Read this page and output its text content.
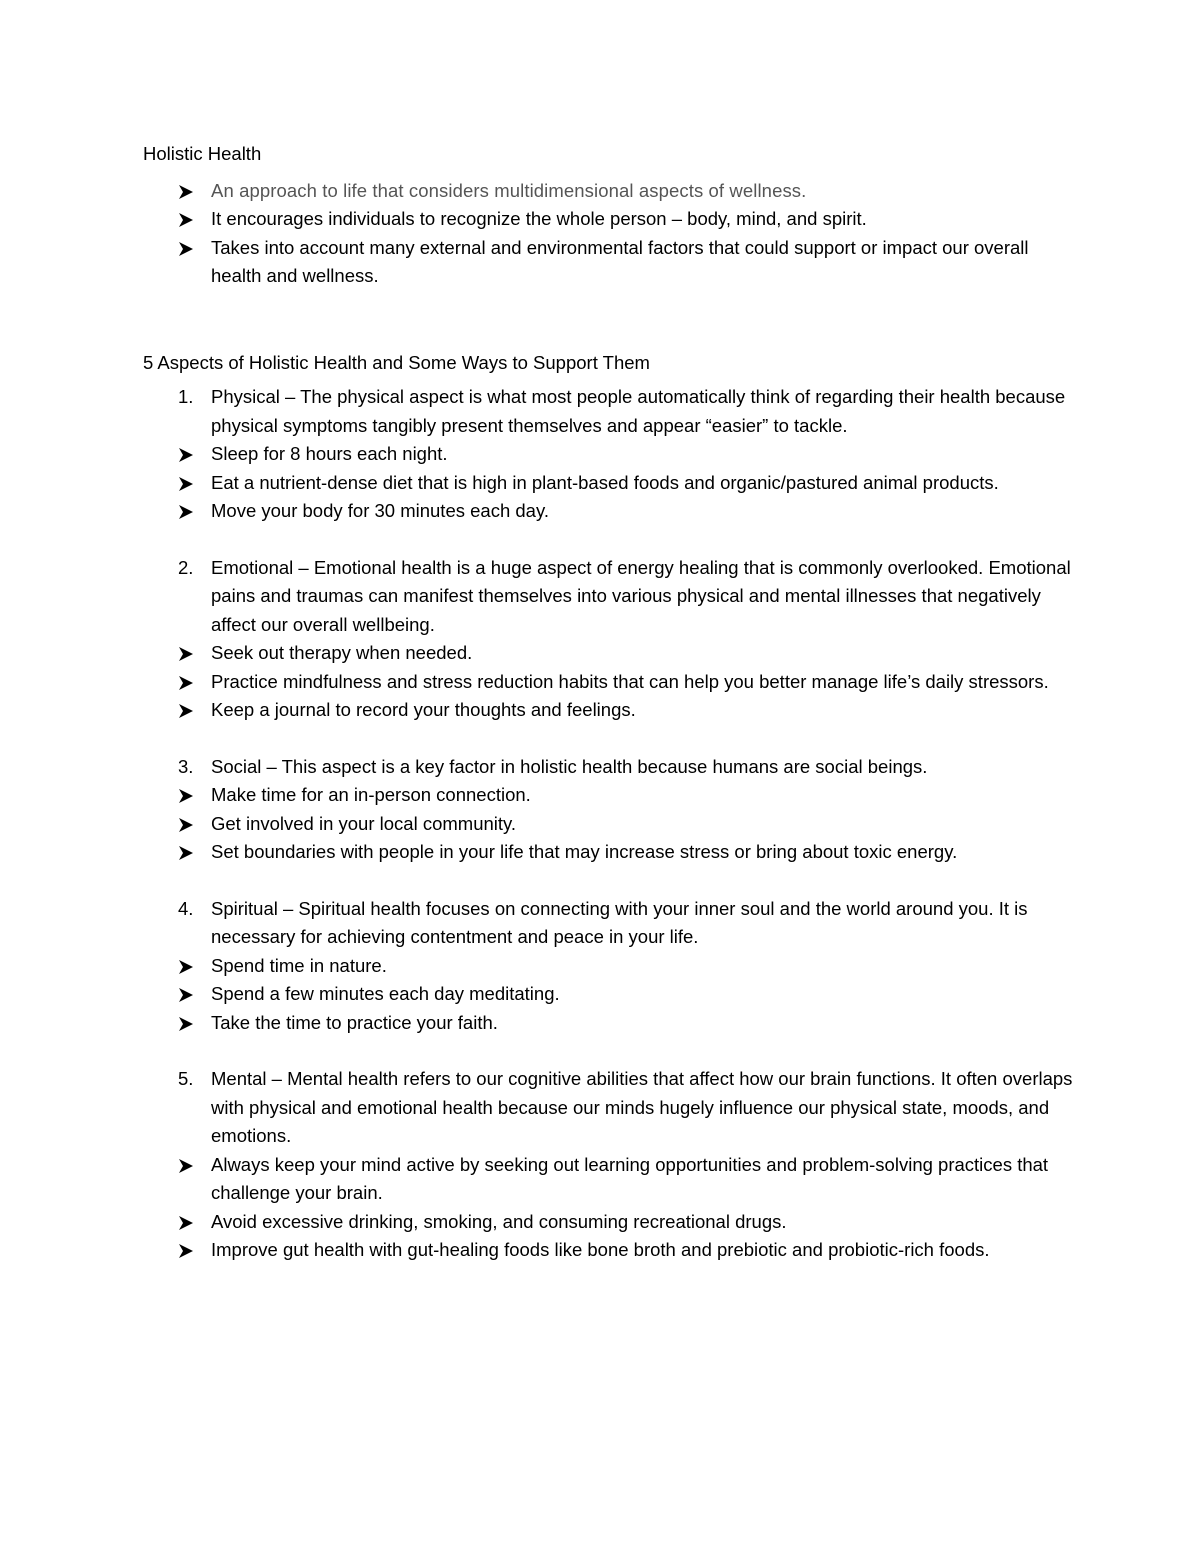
Holistic Health
An approach to life that considers multidimensional aspects of wellness.
It encourages individuals to recognize the whole person – body, mind, and spirit.
Takes into account many external and environmental factors that could support or impact our overall health and wellness.
5 Aspects of Holistic Health and Some Ways to Support Them
1. Physical – The physical aspect is what most people automatically think of regarding their health because physical symptoms tangibly present themselves and appear “easier” to tackle.
Sleep for 8 hours each night.
Eat a nutrient-dense diet that is high in plant-based foods and organic/pastured animal products.
Move your body for 30 minutes each day.
2. Emotional – Emotional health is a huge aspect of energy healing that is commonly overlooked. Emotional pains and traumas can manifest themselves into various physical and mental illnesses that negatively affect our overall wellbeing.
Seek out therapy when needed.
Practice mindfulness and stress reduction habits that can help you better manage life’s daily stressors.
Keep a journal to record your thoughts and feelings.
3. Social – This aspect is a key factor in holistic health because humans are social beings.
Make time for an in-person connection.
Get involved in your local community.
Set boundaries with people in your life that may increase stress or bring about toxic energy.
4. Spiritual – Spiritual health focuses on connecting with your inner soul and the world around you. It is necessary for achieving contentment and peace in your life.
Spend time in nature.
Spend a few minutes each day meditating.
Take the time to practice your faith.
5. Mental – Mental health refers to our cognitive abilities that affect how our brain functions. It often overlaps with physical and emotional health because our minds hugely influence our physical state, moods, and emotions.
Always keep your mind active by seeking out learning opportunities and problem-solving practices that challenge your brain.
Avoid excessive drinking, smoking, and consuming recreational drugs.
Improve gut health with gut-healing foods like bone broth and prebiotic and probiotic-rich foods.
